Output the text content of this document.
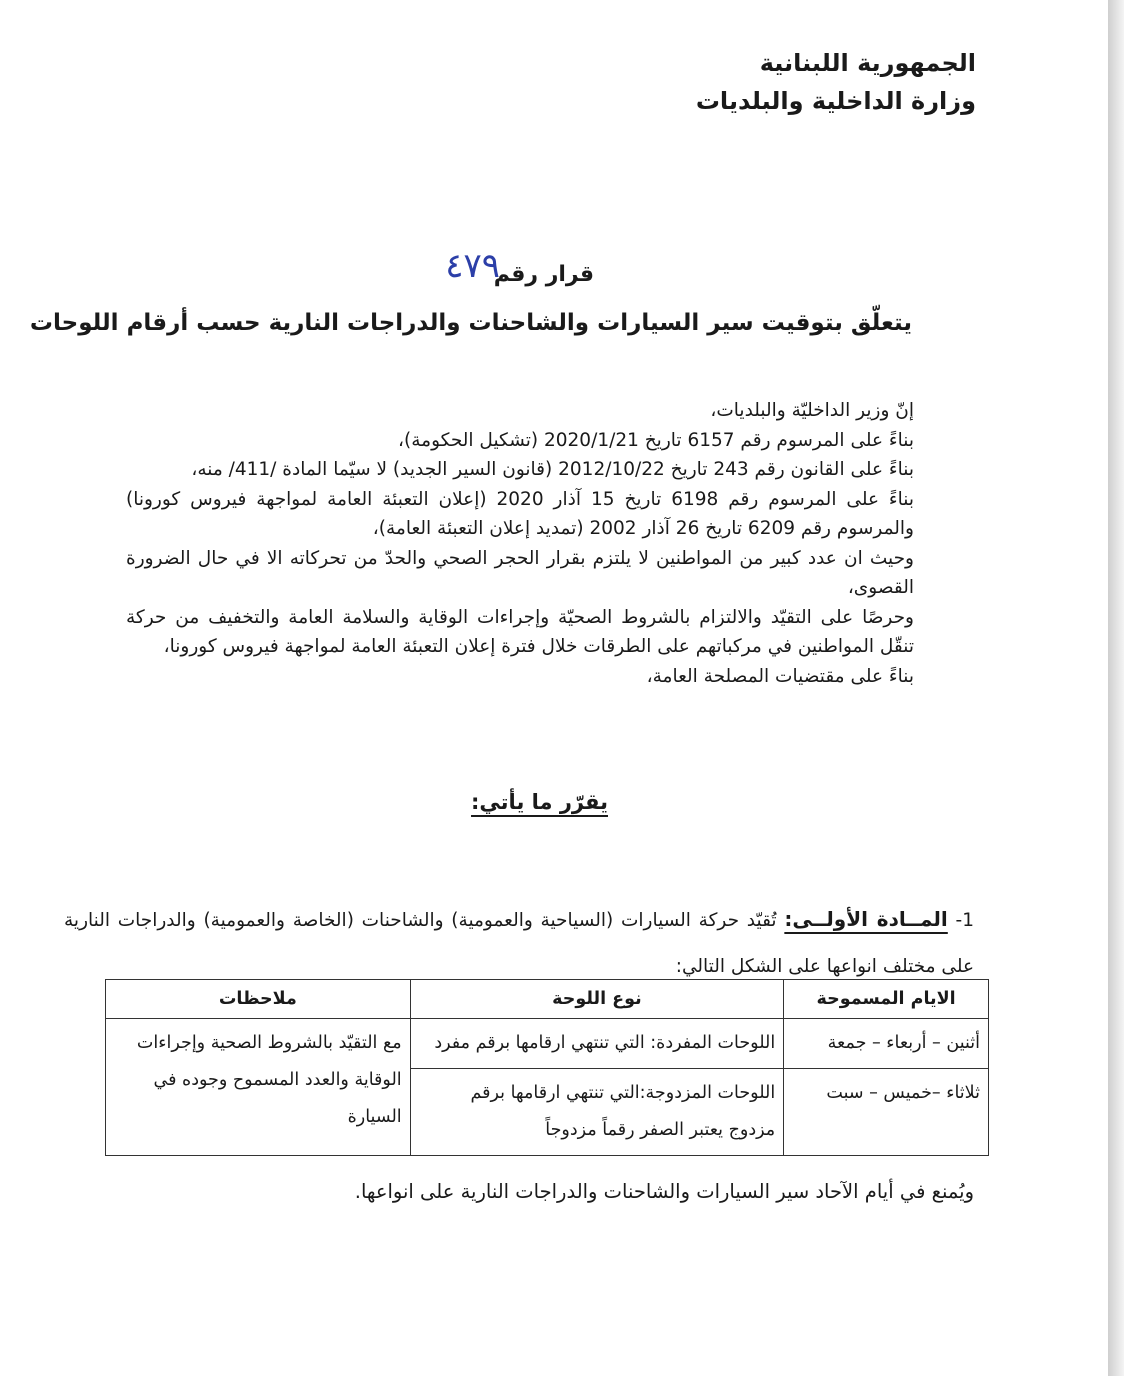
الجمهورية اللبنانية
وزارة الداخلية والبلديات
قرار رقم
٤٧٩
يتعلّق بتوقيت سير السيارات والشاحنات والدراجات النارية حسب أرقام اللوحات

إنّ وزير الداخليّة والبلديات،

بناءً على المرسوم رقم 6157 تاريخ 2020/1/21 (تشكيل الحكومة)،

بناءً على القانون رقم 243 تاريخ 2012/10/22 (قانون السير الجديد) لا سيّما المادة /411/ منه،

بناءً على المرسوم رقم 6198 تاريخ 15 آذار 2020 (إعلان التعبئة العامة لمواجهة فيروس كورونا) والمرسوم رقم 6209 تاريخ 26 آذار 2002 (تمديد إعلان التعبئة العامة)،

وحيث ان عدد كبير من المواطنين لا يلتزم بقرار الحجر الصحي والحدّ من تحركاته الا في حال الضرورة القصوى،

وحرصًا على التقيّد والالتزام بالشروط الصحيّة وإجراءات الوقاية والسلامة العامة والتخفيف من حركة تنقّل المواطنين في مركباتهم على الطرقات خلال فترة إعلان التعبئة العامة لمواجهة فيروس كورونا،

بناءً على مقتضيات المصلحة العامة،

يقرّر ما يأتي:
1- المــادة الأولــى: تُقيّد حركة السيارات (السياحية والعمومية) والشاحنات (الخاصة والعمومية) والدراجات النارية على مختلف انواعها على الشكل التالي:
الايام المسموحة	نوع اللوحة	ملاحظات
أثنين – أربعاء – جمعة	اللوحات المفردة: التي تنتهي ارقامها برقم مفرد	مع التقيّد بالشروط الصحية وإجراءات الوقاية والعدد المسموح وجوده في السيارة
ثلاثاء –خميس – سبت	اللوحات المزدوجة:التي تنتهي ارقامها برقم مزدوج يعتبر الصفر رقماً مزدوجاً	
ويُمنع في أيام الآحاد سير السيارات والشاحنات والدراجات النارية على انواعها.
